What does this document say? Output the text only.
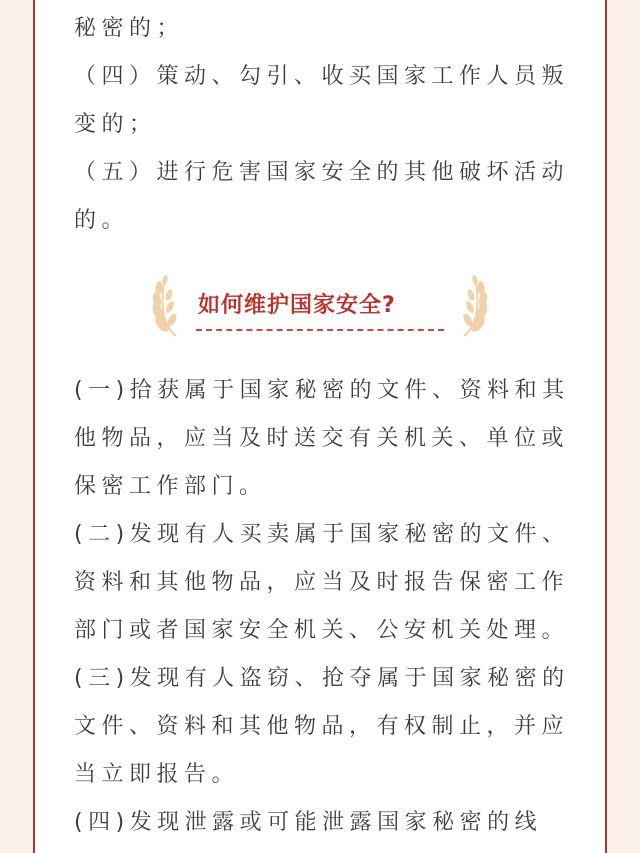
秘密的；
（四）策动、勾引、收买国家工作人员叛
变的；
（五）进行危害国家安全的其他破坏活动
的。
如何维护国家安全?
(一)拾获属于国家秘密的文件、资料和其
他物品，应当及时送交有关机关、单位或
保密工作部门。
(二)发现有人买卖属于国家秘密的文件、
资料和其他物品，应当及时报告保密工作
部门或者国家安全机关、公安机关处理。
(三)发现有人盗窃、抢夺属于国家秘密的
文件、资料和其他物品，有权制止，并应
当立即报告。
(四)发现泄露或可能泄露国家秘密的线
